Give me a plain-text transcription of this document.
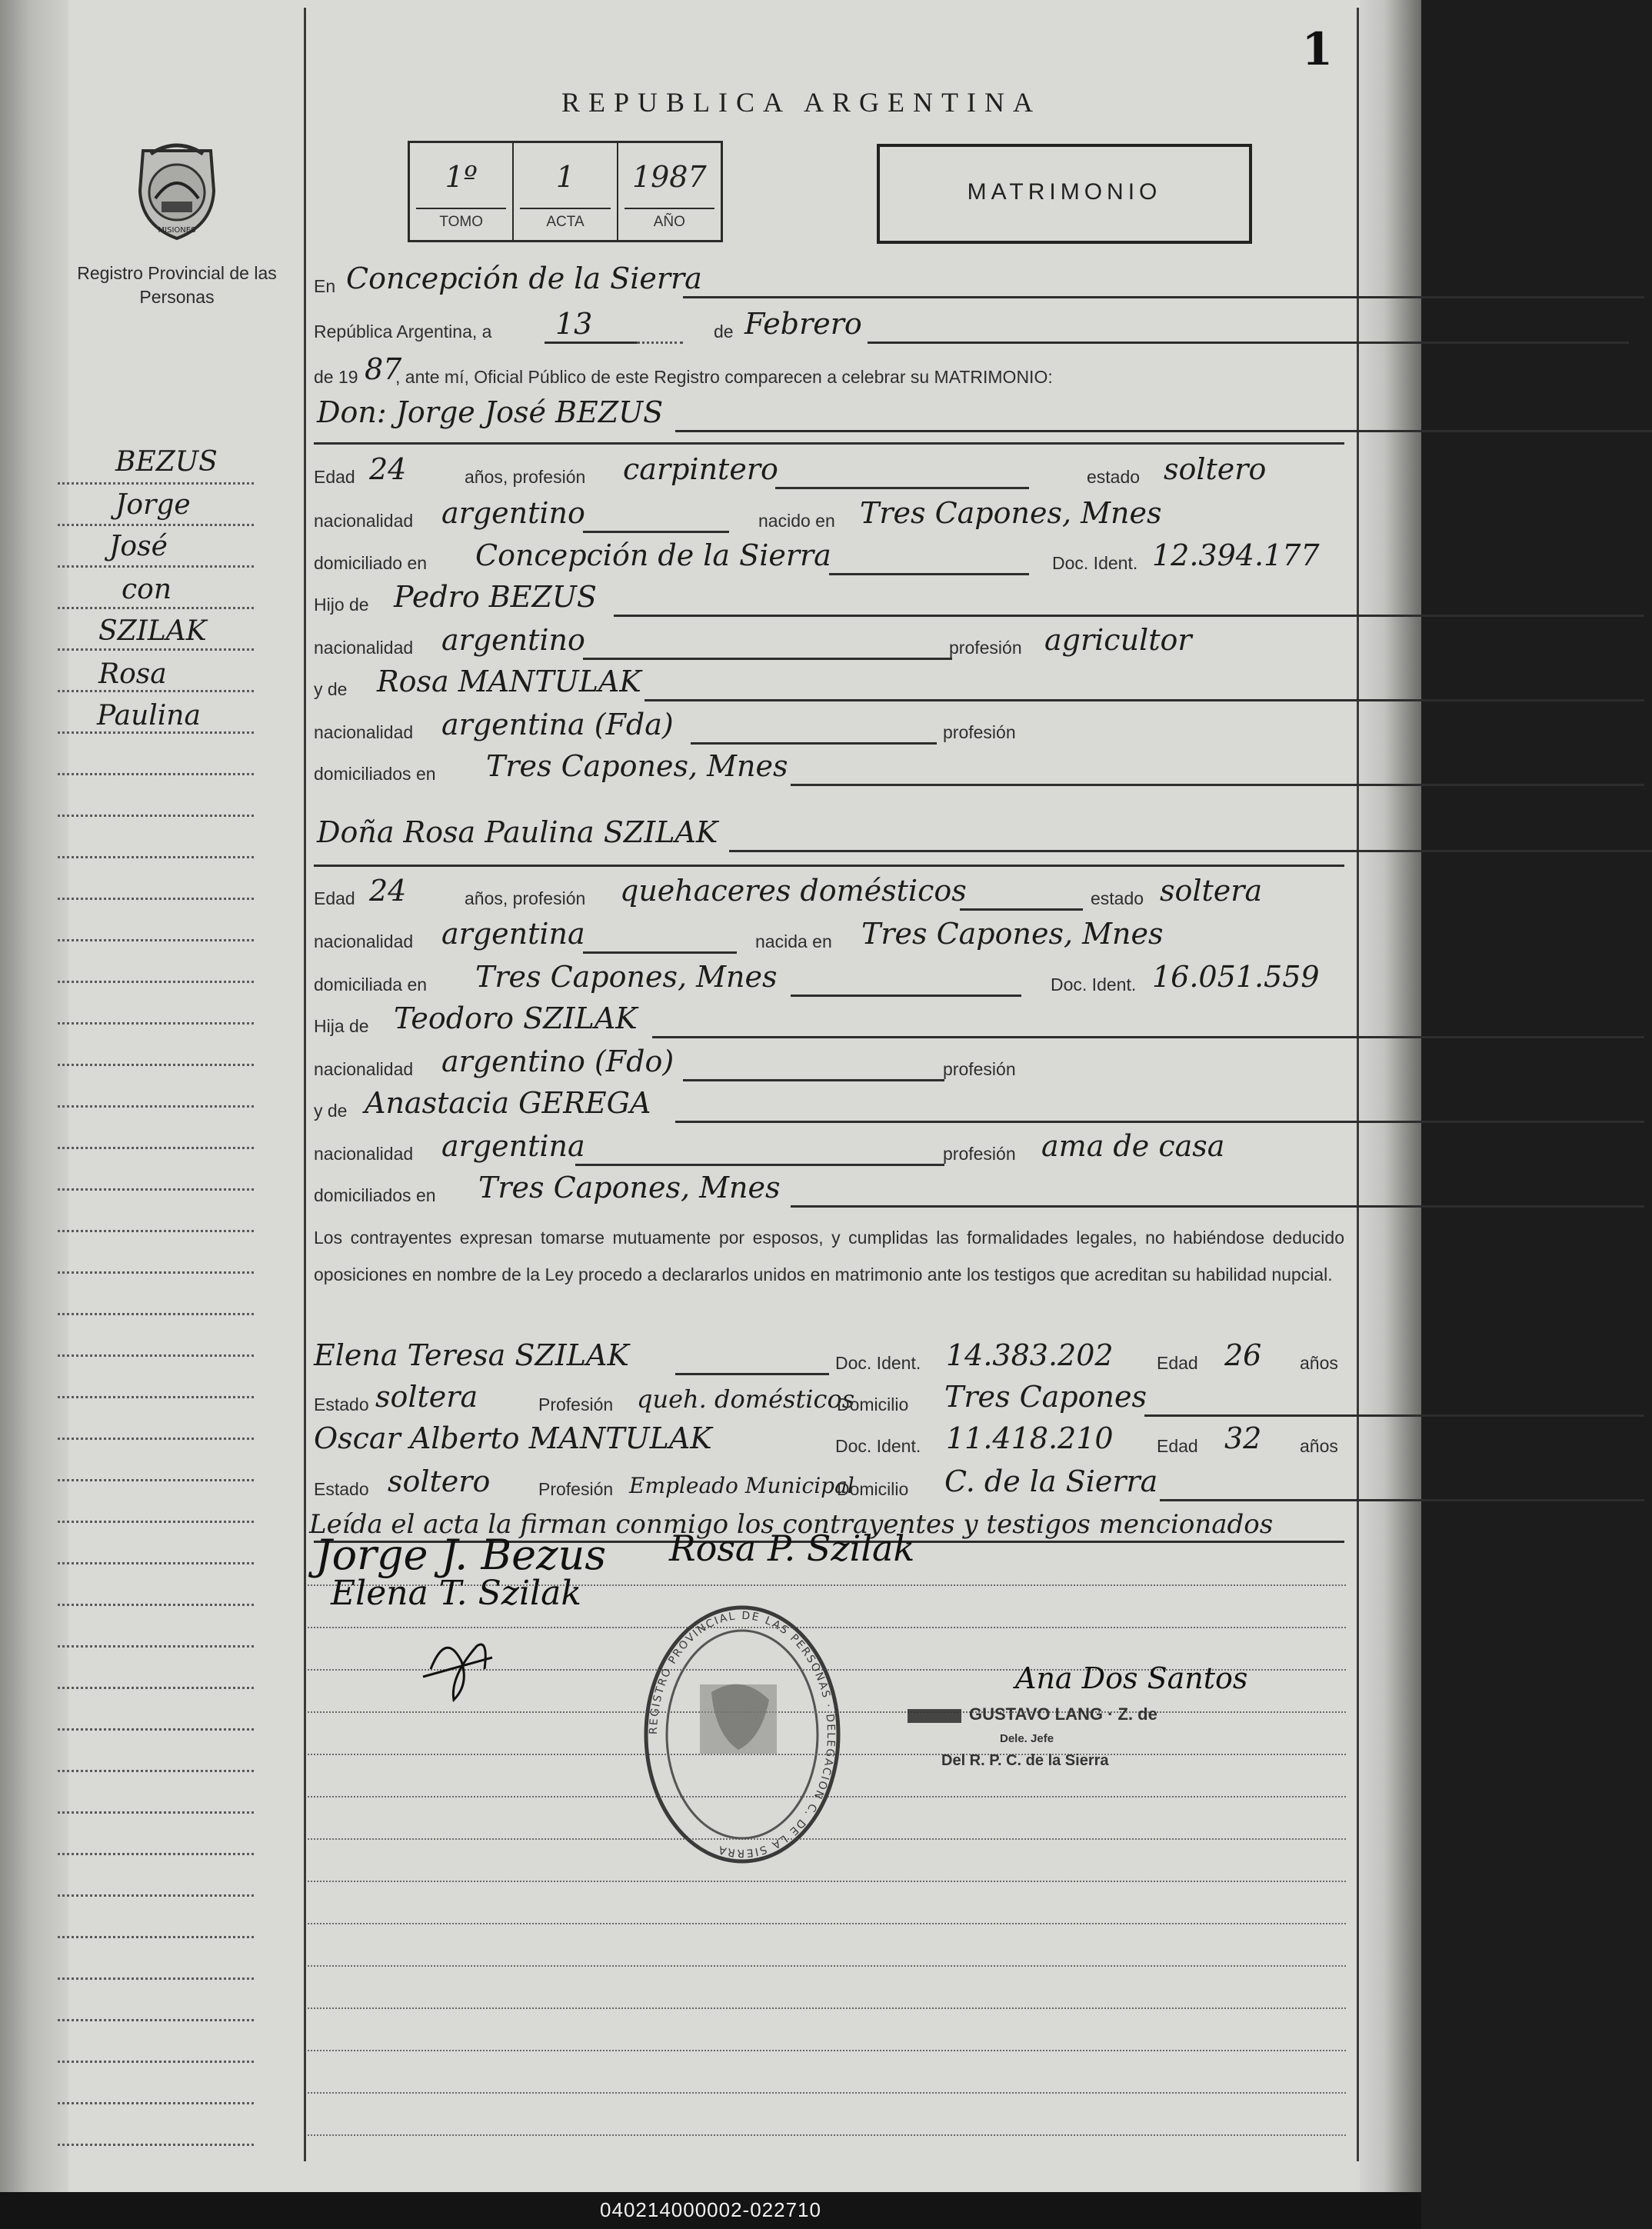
1
REPUBLICA ARGENTINA
MISIONES
Registro Provincial de las Personas
1º
TOMO
1
ACTA
1987
AÑO
MATRIMONIO
En Concepción de la Sierra
República Argentina, a 13	de Febrero
de 19 87
, ante mí, Oficial Público de este Registro comparecen a celebrar su MATRIMONIO:
Don: Jorge José BEZUS
Edad 24	años, profesión carpintero	estado soltero
nacionalidad argentino	nacido en Tres Capones, Mnes
domiciliado en Concepción de la Sierra	Doc. Ident. 12.394.177
Hijo de Pedro BEZUS
nacionalidad argentino	profesión agricultor
y de Rosa MANTULAK
nacionalidad argentina (Fda)	profesión
domiciliados en Tres Capones, Mnes
Doña Rosa Paulina SZILAK
Edad 24	años, profesión quehaceres domésticos	estado soltera
nacionalidad argentina	nacida en Tres Capones, Mnes
domiciliada en Tres Capones, Mnes	Doc. Ident. 16.051.559
Hija de Teodoro SZILAK
nacionalidad argentino (Fdo)	profesión
y de Anastacia GEREGA
nacionalidad argentina	profesión ama de casa
domiciliados en Tres Capones, Mnes
Los contrayentes expresan tomarse mutuamente por esposos, y cumplidas las formalidades legales, no habiéndose deducido oposiciones en nombre de la Ley procedo a declararlos unidos en matrimonio ante los testigos que acreditan su habilidad nupcial.
Elena Teresa SZILAK	Doc. Ident. 14.383.202 Edad 26 años
Estado soltera	Profesión queh. domésticos
Domicilio Tres Capones
Oscar Alberto MANTULAK	Doc. Ident. 11.418.210 Edad 32 años
Estado soltero	Profesión Empleado Municipal
Domicilio C. de la Sierra
Leída el acta la firman conmigo los contrayentes y testigos mencionados
Jorge J. Bezus Rosa P. Szilak
Elena T. Szilak
REGISTRO PROVINCIAL DE LAS PERSONAS · DELEGACIÓN C. DE LA SIERRA
Ana Dos Santos
GUSTAVO LANG · Z. de
Dele. Jefe
Del R. P. C. de la Sierra
BEZUS
Jorge
José
con
SZILAK
Rosa
Paulina
040214000002-022710
